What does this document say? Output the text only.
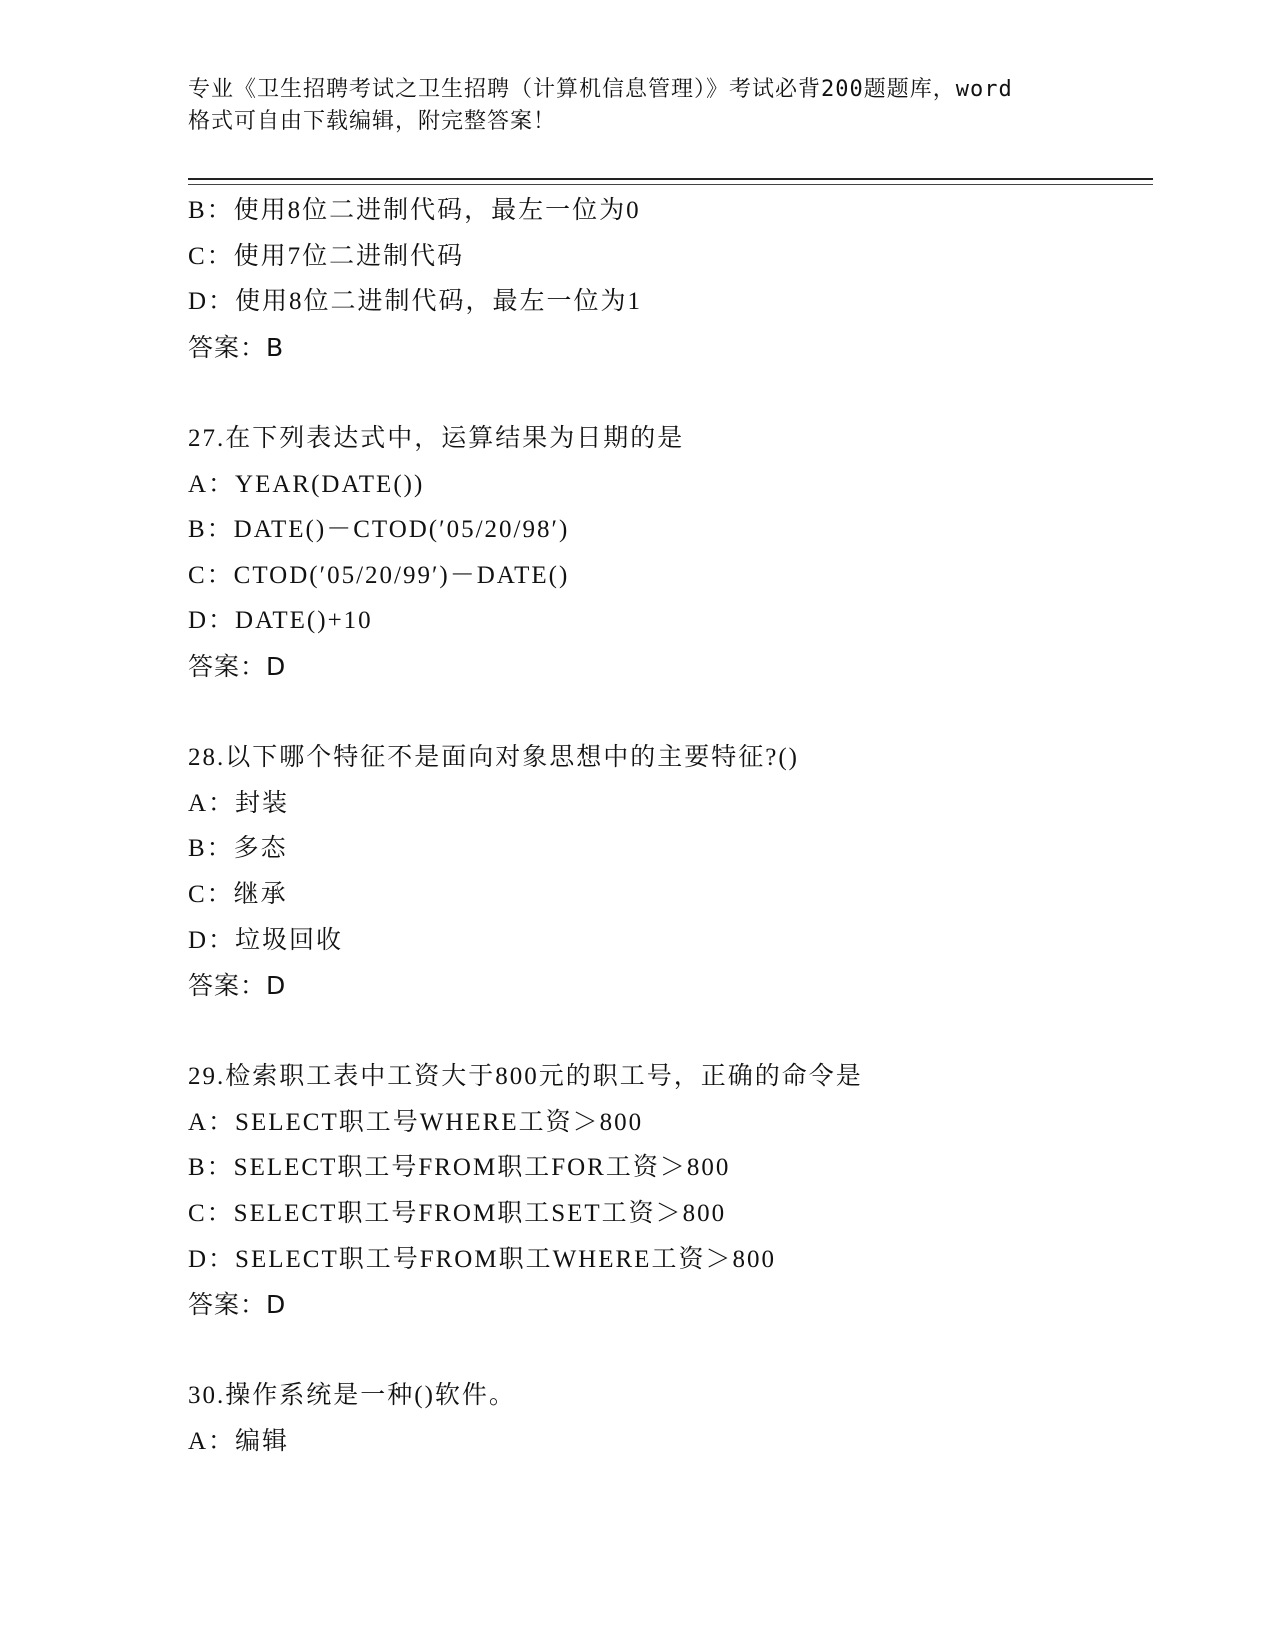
专业《卫生招聘考试之卫生招聘（计算机信息管理）》考试必背200题题库，word
格式可自由下载编辑，附完整答案！
B：使用8位二进制代码，最左一位为0
C：使用7位二进制代码
D：使用8位二进制代码，最左一位为1
答案：B
27.在下列表达式中，运算结果为日期的是
A：YEAR(DATE())
B：DATE()－CTOD(′05/20/98′)
C：CTOD(′05/20/99′)－DATE()
D：DATE()+10
答案：D
28.以下哪个特征不是面向对象思想中的主要特征?()
A：封装
B：多态
C：继承
D：垃圾回收
答案：D
29.检索职工表中工资大于800元的职工号，正确的命令是
A：SELECT职工号WHERE工资＞800
B：SELECT职工号FROM职工FOR工资＞800
C：SELECT职工号FROM职工SET工资＞800
D：SELECT职工号FROM职工WHERE工资＞800
答案：D
30.操作系统是一种()软件。
A：编辑
